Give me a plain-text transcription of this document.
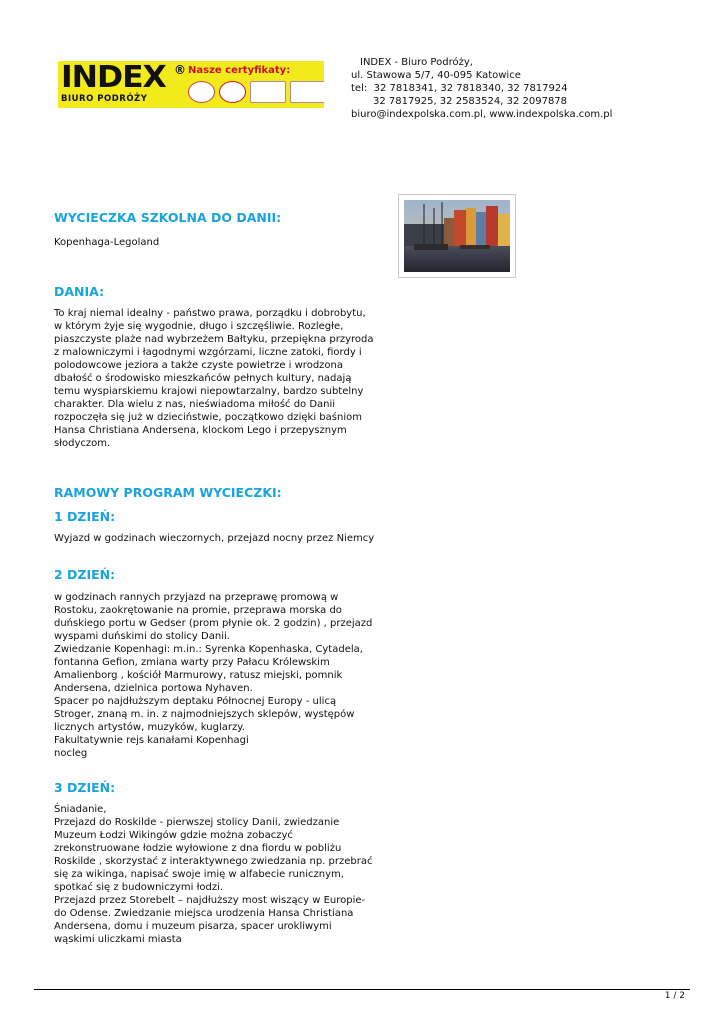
INDEX ®
BIURO PODRÓŻY
Nasze certyfikaty:
INDEX - Biuro Podróży,
ul. Stawowa 5/7, 40-095 Katowice
tel:  32 7818341, 32 7818340, 32 7817924
32 7817925, 32 2583524, 32 2097878
biuro@indexpolska.com.pl, www.indexpolska.com.pl
WYCIECZKA SZKOLNA DO DANII:

Kopenhaga-Legoland

DANIA:

To kraj niemal idealny - państwo prawa, porządku i dobrobytu,

w którym żyje się wygodnie, długo i szczęśliwie. Rozległe,

piaszczyste plaże nad wybrzeżem Bałtyku, przepiękna przyroda

z malowniczymi i łagodnymi wzgórzami, liczne zatoki, fiordy i

polodowcowe jeziora a także czyste powietrze i wrodzona

dbałość o środowisko mieszkańców pełnych kultury, nadają

temu wyspiarskiemu krajowi niepowtarzalny, bardzo subtelny

charakter. Dla wielu z nas, nieświadoma miłość do Danii

rozpoczęła się już w dzieciństwie, początkowo dzięki baśniom

Hansa Christiana Andersena, klockom Lego i przepysznym

słodyczom.

RAMOWY PROGRAM WYCIECZKI:
1 DZIEŃ:

Wyjazd w godzinach wieczornych, przejazd nocny przez Niemcy

2 DZIEŃ:

w godzinach rannych przyjazd na przeprawę promową w

Rostoku, zaokrętowanie na promie, przeprawa morska do

duńskiego portu w Gedser (prom płynie ok. 2 godzin) , przejazd

wyspami duńskimi do stolicy Danii.

Zwiedzanie Kopenhagi: m.in.: Syrenka Kopenhaska, Cytadela,

fontanna Gefion, zmiana warty przy Pałacu Królewskim

Amalienborg , kościół Marmurowy, ratusz miejski, pomnik

Andersena, dzielnica portowa Nyhaven.

Spacer po najdłuższym deptaku Północnej Europy - ulicą

Stroger, znaną m. in. z najmodniejszych sklepów, występów

licznych artystów, muzyków, kuglarzy.

Fakultatywnie rejs kanałami Kopenhagi

nocleg

3 DZIEŃ:

Śniadanie,

Przejazd do Roskilde - pierwszej stolicy Danii, zwiedzanie

Muzeum Łodzi Wikingów gdzie można zobaczyć

zrekonstruowane łodzie wyłowione z dna fiordu w pobliżu

Roskilde , skorzystać z interaktywnego zwiedzania np. przebrać

się za wikinga, napisać swoje imię w alfabecie runicznym,

spotkać się z budowniczymi łodzi.

Przejazd przez Storebelt – najdłuższy most wiszący w Europie-

do Odense. Zwiedzanie miejsca urodzenia Hansa Christiana

Andersena, domu i muzeum pisarza, spacer urokliwymi

wąskimi uliczkami miasta

1 / 2
